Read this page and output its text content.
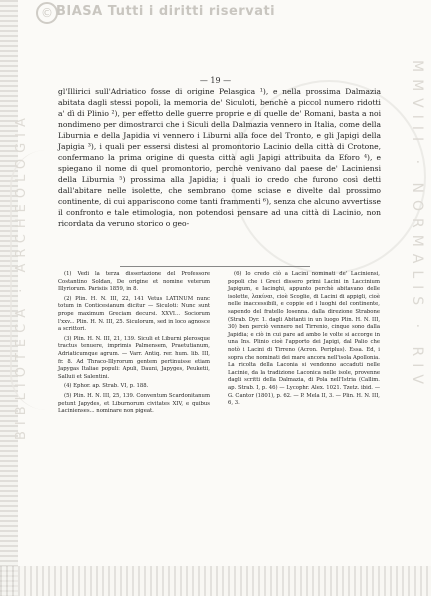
© BIASA Tutti i diritti riservati
MMVIII · NORMALIS · RIV
BIBLIOTECA · ARCHEOLOGIA
— 19 —

gl'Illirici sull'Adriatico fosse di origine Pelasgica ¹), e nella prossima Dalmazia abitata dagli stessi popoli, la memoria de' Siculoti, benchè a piccol numero ridotti a' dì di Plinio ²), per effetto delle guerre proprie e di quelle de' Romani, basta a noi nondimeno per dimostrarci che i Siculi della Dalmazia vennero in Italia, come della Liburnia e della Japidia vi vennero i Liburni alla foce del Tronto, e gli Japigi della Japigia ³), i quali per essersi distesi al promontorio Lacinio della città di Crotone, confermano la prima origine di questa città agli Japigi attribuita da Eforo ⁴), e spiegano il nome di quel promontorio, perchè venivano dal paese de' Laciniensi della Liburnia ⁵) prossima alla Japidia; i quali io credo che furono così detti dall'abitare nelle isolette, che sembrano come sciase e divelte dal prossimo continente, di cui appariscono come tanti frammenti ⁶), senza che alcuno avvertisse il confronto e tale etimologia, non potendosi pensare ad una città di Lacinio, non ricordata da veruno storico o geo-

(1) Vedi la terza dissertazione del Professore Costantino Soldan, De origine et nomine veterum Illyriorum. Parisiis 1859, in 8.

(2) Plin. H. N. III, 22, 141 Vetus LATINUM nunc totum in Conticesianum dicitur — Siculoti: Nunc sunt prope maximum Greciam decursi. XXVI... Sociorum l'xxv... Plin. H. N. III, 25. Siculorum, sed in loco agnosce a scrittori.

(3) Plin. H. N. III, 21, 139. Siculi et Liburni plerosque tractus tenuere, imprimis Palmensem, Praetutianum, Adriaticumque agrum. — Varr. Antiq. rer. hum. lib. III, fr. 8. Ad Thraco-Illyrorum gentem pertinuisse etiam Japygas Italiae populi: Apuli, Dauni, Japyges, Peuketii, Salluii et Salentini.

(4) Ephor. ap. Strab. VI, p. 188.

(5) Plin. H. N. III, 25, 139. Conventum Scardonitanum petunt Japydes, et Liburnorum civitates XIV, e quibus Lacinienses... nominare non pigeat.

(6) Io credo ciò a Lacini nominati de' Laciniensi, popoli che i Greci dissero primi Lacini in Laccinium Japigum, e Iacinghi, appunto perchè abitavano delle isolette, λακίναι, cioè Scoglie, di Lacini di appigli, cioè nelle inaccessibili, e coppie ed i luoghi del continente, sapendo del fratello Iosenna. dalla direzione Strabone (Strab. Dyr. 1. dagli Abitanti in un luogo Plin. H. N. III, 30) ben perciò vennero nel Tirrenio, cinque sono dalla Japidia; e ciò in cui pare ad ambo le volte si accorge in una Ins. Plinio cioè l'apporto dei Japigi, dal Palio che notò i Lacini di Tirreno (Acron. Periplus). Essa. Ed, i sopra che nominati dei mare ancora nell'isola Apollonia. La ricolta della Laconia si vendonno accaduti nelle Lacinie, da la tradizione Laconica nelle isole, provenne dagli scritti della Dalmazia, di Pola nell'Istria (Callim. ap. Strab. I, p. 46) — Lycophr. Alex. 1021. Tzetz. ibid. — G. Cantor (1801), p. 62. — P. Mela II, 3. — Plin. H. N. III, 6, 3.
